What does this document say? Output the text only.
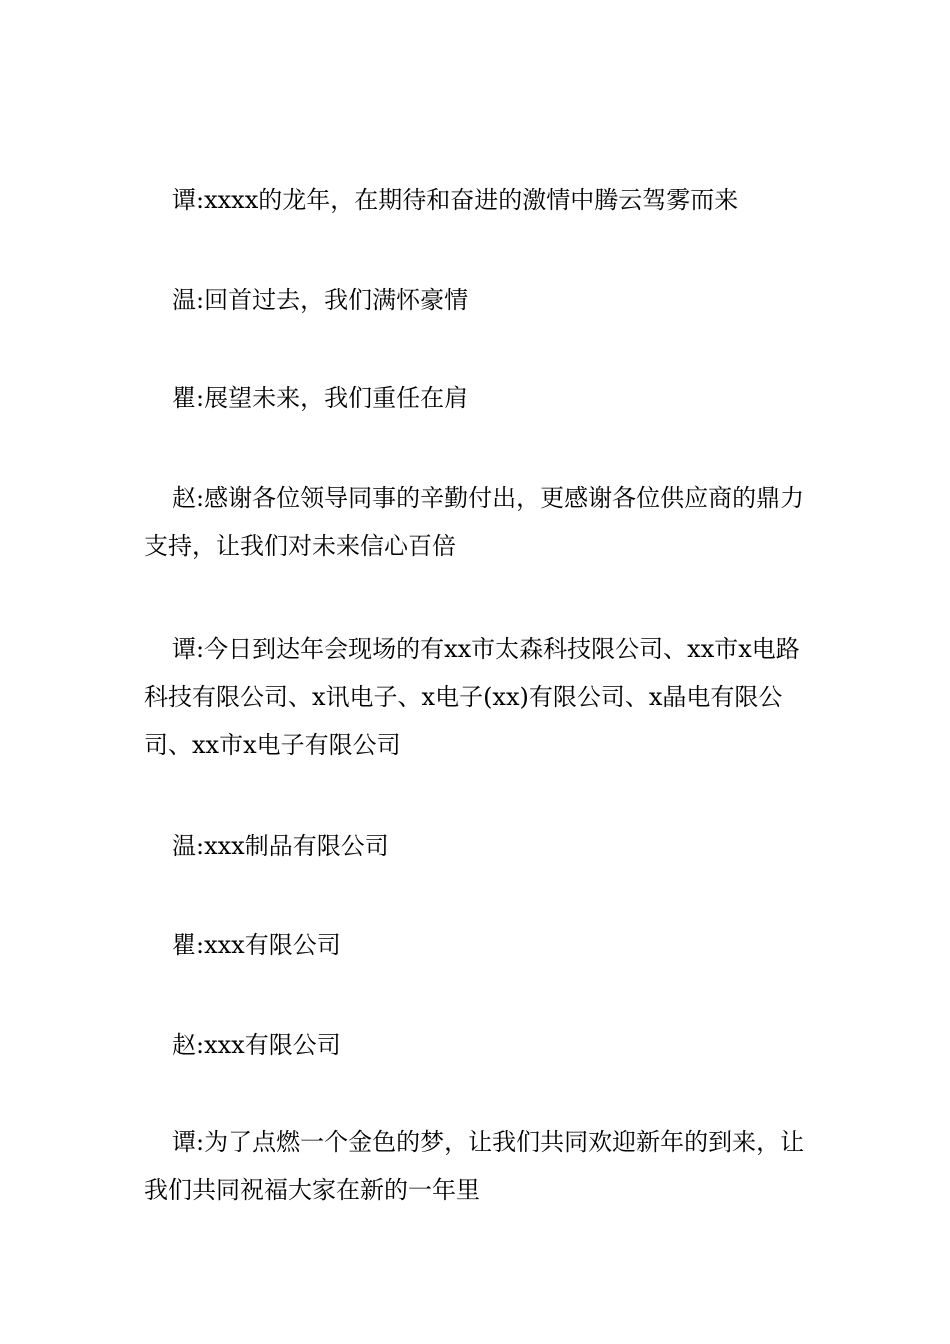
谭:xxxx的龙年，在期待和奋进的激情中腾云驾雾而来

温:回首过去，我们满怀豪情

瞿:展望未来，我们重任在肩

赵:感谢各位领导同事的辛勤付出，更感谢各位供应商的鼎力支持，让我们对未来信心百倍

谭:今日到达年会现场的有xx市太森科技限公司、xx市x电路科技有限公司、x讯电子、x电子(xx)有限公司、x晶电有限公司、xx市x电子有限公司

温:xxx制品有限公司

瞿:xxx有限公司

赵:xxx有限公司

谭:为了点燃一个金色的梦，让我们共同欢迎新年的到来，让我们共同祝福大家在新的一年里
